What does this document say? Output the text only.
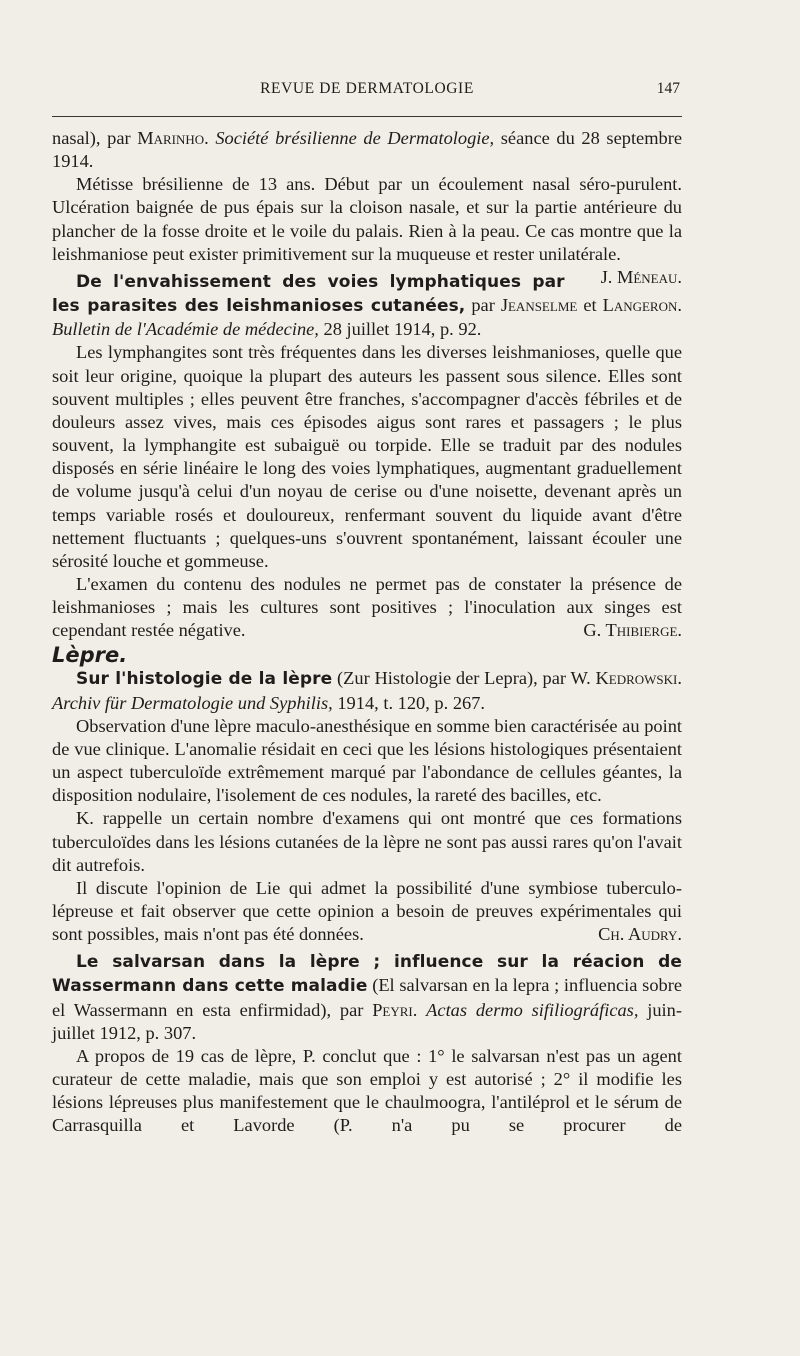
REVUE DE DERMATOLOGIE	147

nasal), par Marinho. Société brésilienne de Dermatologie, séance du 28 septembre 1914.

Métisse brésilienne de 13 ans. Début par un écoulement nasal séro-purulent. Ulcération baignée de pus épais sur la cloison nasale, et sur la partie antérieure du plancher de la fosse droite et le voile du palais. Rien à la peau. Ce cas montre que la leishmaniose peut exister primitivement sur la muqueuse et rester unilatérale.
J. Méneau.

De l'envahissement des voies lymphatiques par les parasites des leishmanioses cutanées, par Jeanselme et Langeron. Bulletin de l'Académie de médecine, 28 juillet 1914, p. 92.

Les lymphangites sont très fréquentes dans les diverses leishmanioses, quelle que soit leur origine, quoique la plupart des auteurs les passent sous silence. Elles sont souvent multiples ; elles peuvent être franches, s'accompagner d'accès fébriles et de douleurs assez vives, mais ces épisodes aigus sont rares et passagers ; le plus souvent, la lymphangite est subaiguë ou torpide. Elle se traduit par des nodules disposés en série linéaire le long des voies lymphatiques, augmentant graduellement de volume jusqu'à celui d'un noyau de cerise ou d'une noisette, devenant après un temps variable rosés et douloureux, renfermant souvent du liquide avant d'être nettement fluctuants ; quelques-uns s'ouvrent spontanément, laissant écouler une sérosité louche et gommeuse.

L'examen du contenu des nodules ne permet pas de constater la présence de leishmanioses ; mais les cultures sont positives ; l'inoculation aux singes est cependant restée négative.	G. Thibierge.

Lèpre.

Sur l'histologie de la lèpre (Zur Histologie der Lepra), par W. Kedrowski. Archiv für Dermatologie und Syphilis, 1914, t. 120, p. 267.

Observation d'une lèpre maculo-anesthésique en somme bien caractérisée au point de vue clinique. L'anomalie résidait en ceci que les lésions histologiques présentaient un aspect tuberculoïde extrêmement marqué par l'abondance de cellules géantes, la disposition nodulaire, l'isolement de ces nodules, la rareté des bacilles, etc.

K. rappelle un certain nombre d'examens qui ont montré que ces formations tuberculoïdes dans les lésions cutanées de la lèpre ne sont pas aussi rares qu'on l'avait dit autrefois.

Il discute l'opinion de Lie qui admet la possibilité d'une symbiose tuberculo-lépreuse et fait observer que cette opinion a besoin de preuves expérimentales qui sont possibles, mais n'ont pas été données.	Ch. Audry.

Le salvarsan dans la lèpre ; influence sur la réacion de Wassermann dans cette maladie (El salvarsan en la lepra ; influencia sobre el Wassermann en esta enfirmidad), par Peyri. Actas dermo sifiliográficas, juin-juillet 1912, p. 307.

A propos de 19 cas de lèpre, P. conclut que : 1° le salvarsan n'est pas un agent curateur de cette maladie, mais que son emploi y est autorisé ; 2° il modifie les lésions lépreuses plus manifestement que le chaulmoogra, l'antiléprol et le sérum de Carrasquilla et Lavorde (P. n'a pu se procurer de
